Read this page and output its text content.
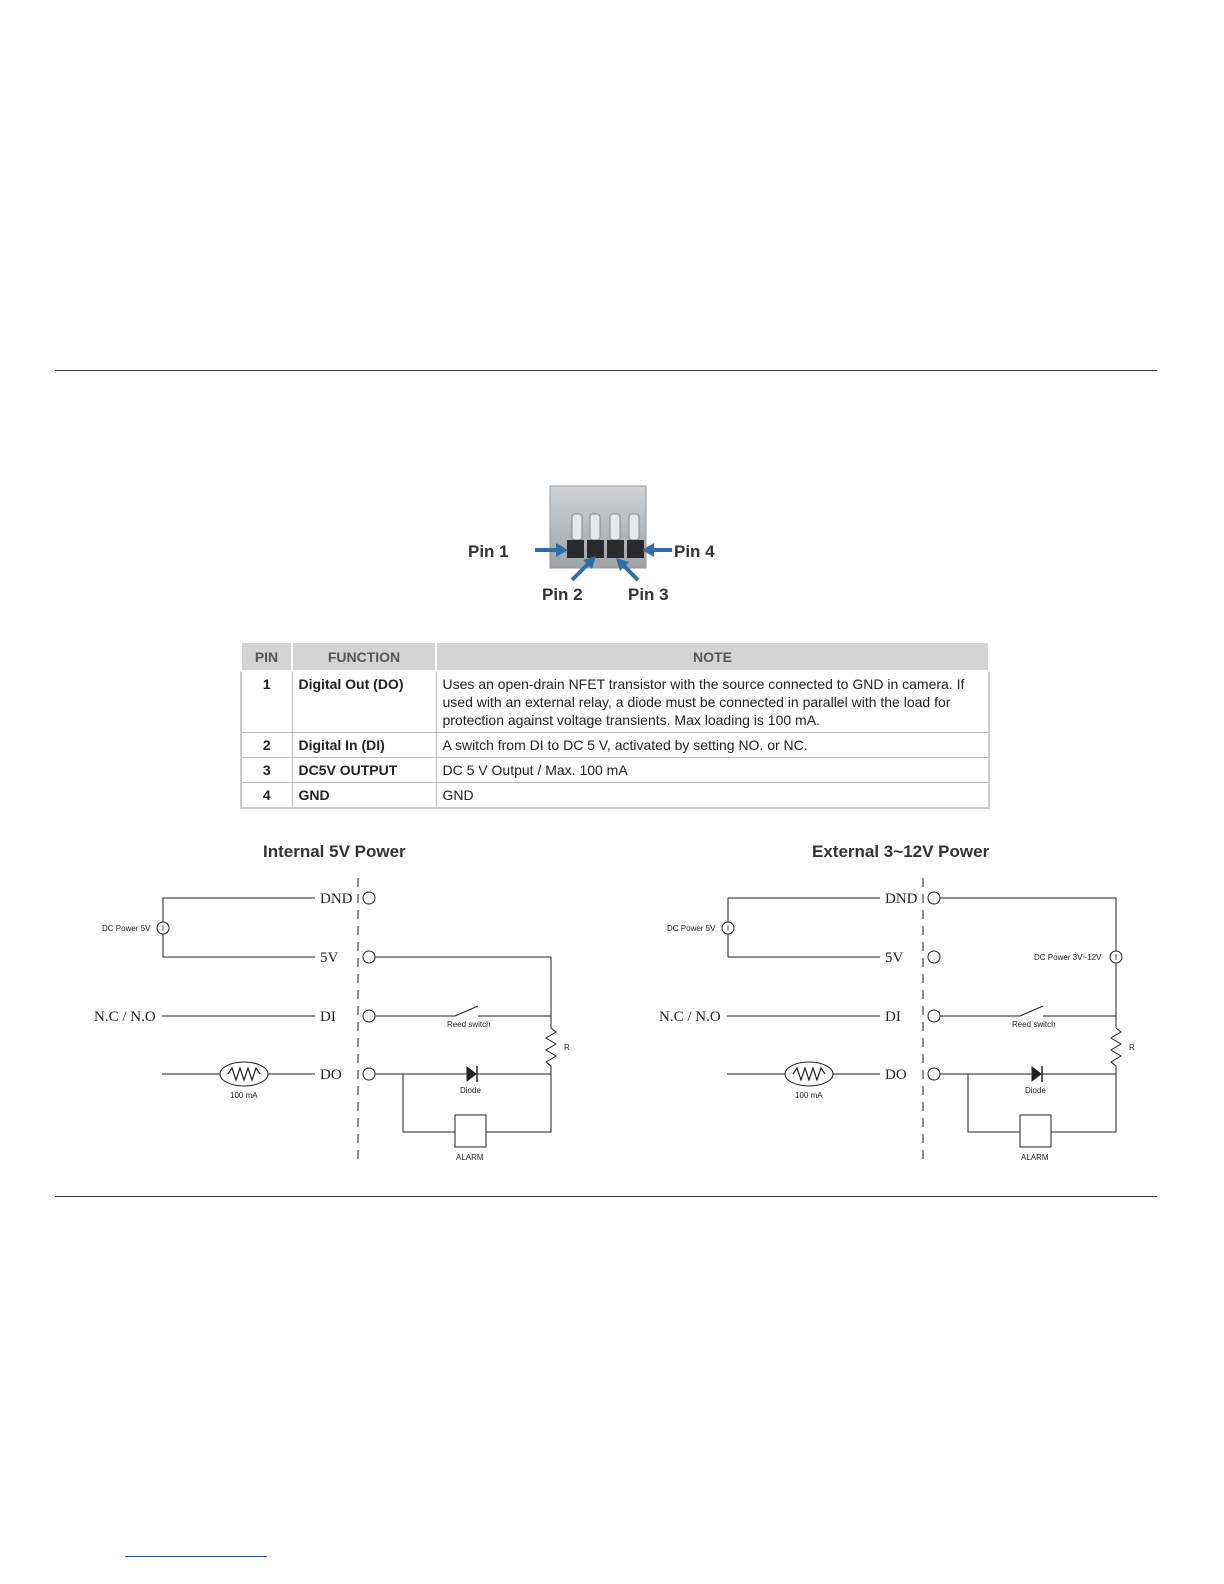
Pin 1	Pin 4
Pin 2	Pin 3
PIN	FUNCTION	NOTE
1	Digital Out (DO)	Uses an open-drain NFET transistor with the source connected to GND in camera. If used with an external relay, a diode must be connected in parallel with the load for protection against voltage transients. Max loading is 100 mA.
2	Digital In (DI)	A switch from DI to DC 5 V, activated by setting NO. or NC.
3	DC5V OUTPUT	DC 5 V Output / Max. 100 mA
4	GND	GND
Internal 5V Power
DC Power 5V
DND
5V
DI
DO
N.C / N.O
R
Reed switch
100 mA
Diode
ALARM
External 3~12V Power
DC Power 5V
DND
5V
DI
DO
N.C / N.O
DC Power 3V~12V
R
Reed switch
100 mA
Diode
ALARM
